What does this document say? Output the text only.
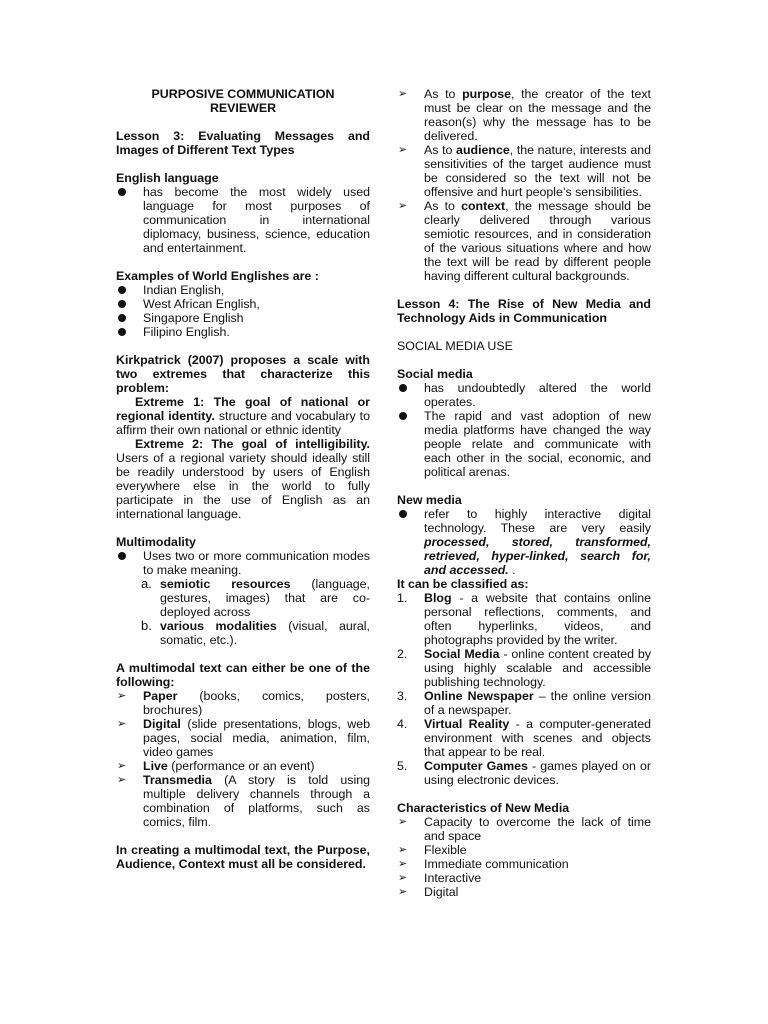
PURPOSIVE COMMUNICATION

REVIEWER

Lesson 3: Evaluating Messages and Images of Different Text Types

English language

has become the most widely used language for most purposes of communication in international diplomacy, business, science, education and entertainment.

Examples of World Englishes are :

Indian English,
West African English,
Singapore English
Filipino English.

Kirkpatrick (2007) proposes a scale with two extremes that characterize this problem:

Extreme 1: The goal of national or regional identity. structure and vocabulary to affirm their own national or ethnic identity

Extreme 2: The goal of intelligibility. Users of a regional variety should ideally still be readily understood by users of English everywhere else in the world to fully participate in the use of English as an international language.

Multimodality

Uses two or more communication modes to make meaning.
a. semiotic resources (language, gestures, images) that are co-deployed across
b. various modalities (visual, aural, somatic, etc.).

A multimodal text can either be one of the following:

➢	Paper (books, comics, posters, brochures)
➢	Digital (slide presentations, blogs, web pages, social media, animation, film, video games
➢	Live (performance or an event)
➢	Transmedia (A story is told using multiple delivery channels through a combination of platforms, such as comics, film.

In creating a multimodal text, the Purpose, Audience, Context must all be considered.

➢	As to purpose, the creator of the text must be clear on the message and the reason(s) why the message has to be delivered.
➢	As to audience, the nature, interests and sensitivities of the target audience must be considered so the text will not be offensive and hurt people’s sensibilities.
➢	As to context, the message should be clearly delivered through various semiotic resources, and in consideration of the various situations where and how the text will be read by different people having different cultural backgrounds.

Lesson 4: The Rise of New Media and Technology Aids in Communication

SOCIAL MEDIA USE

Social media

has undoubtedly altered the world operates.
The rapid and vast adoption of new media platforms have changed the way people relate and communicate with each other in the social, economic, and political arenas.

New media

refer to highly interactive digital technology. These are very easily processed, stored, transformed, retrieved, hyper-linked, search for, and accessed. .

It can be classified as:

1.	Blog - a website that contains online personal reflections, comments, and often hyperlinks, videos, and photographs provided by the writer.
2.	Social Media - online content created by using highly scalable and accessible publishing technology.
3.	Online Newspaper – the online version of a newspaper.
4.	Virtual Reality - a computer-generated environment with scenes and objects that appear to be real.
5.	Computer Games - games played on or using electronic devices.

Characteristics of New Media

➢	Capacity to overcome the lack of time and space
➢	Flexible
➢	Immediate communication
➢	Interactive
➢	Digital
